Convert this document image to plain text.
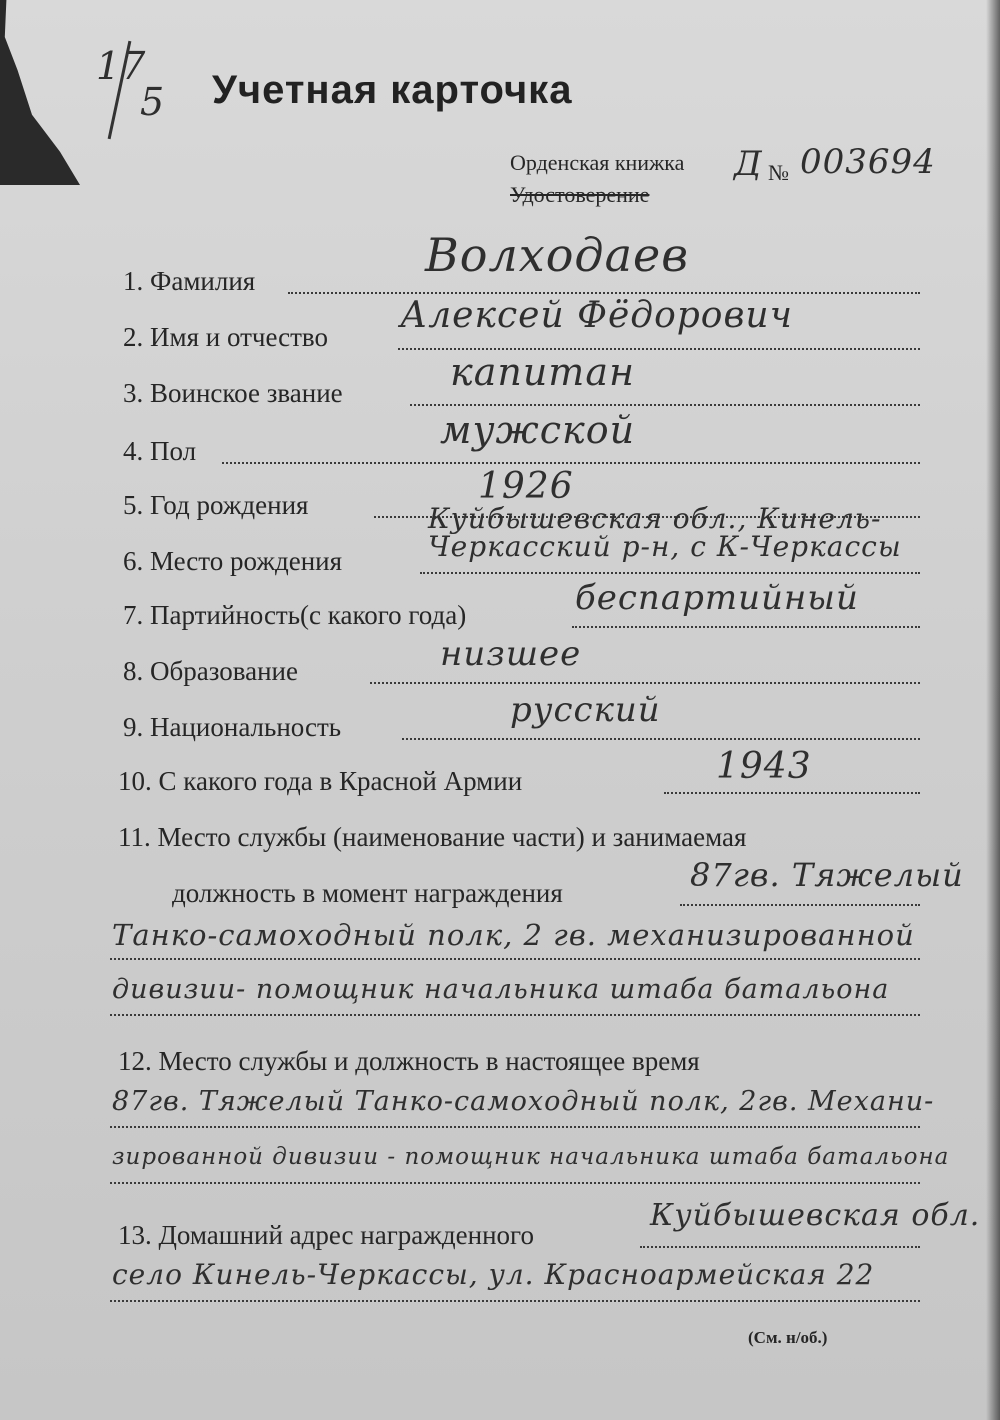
17
5 Учетная карточка
Орденская книжка Д № 003694
Удостоверение
1. Фамилия	Волходаев
2. Имя и отчество
Алексей Фёдорович
3. Воинское звание	капитан
4. Пол	мужской
5. Год рождения	1926
6. Место рождения
Куйбышевская обл., Кинель-
Черкасский р-н, с К-Черкассы
7. Партийность(с какого года)	беспартийный
8. Образование	низшее
9. Национальность	русский
10. С какого года в Красной Армии	1943
11. Место службы (наименование части) и занимаемая
должность в момент награждения	87гв. Тяжелый
Танко-самоходный полк, 2 гв. механизированной
дивизии- помощник начальника штаба батальона
12. Место службы и должность в настоящее время
87гв. Тяжелый Танко-самоходный полк, 2гв. Механи-
зированной дивизии - помощник начальника штаба батальона
13. Домашний адрес награжденного
Куйбышевская обл.
село Кинель-Черкассы, ул. Красноармейская 22
(См. н/об.)
